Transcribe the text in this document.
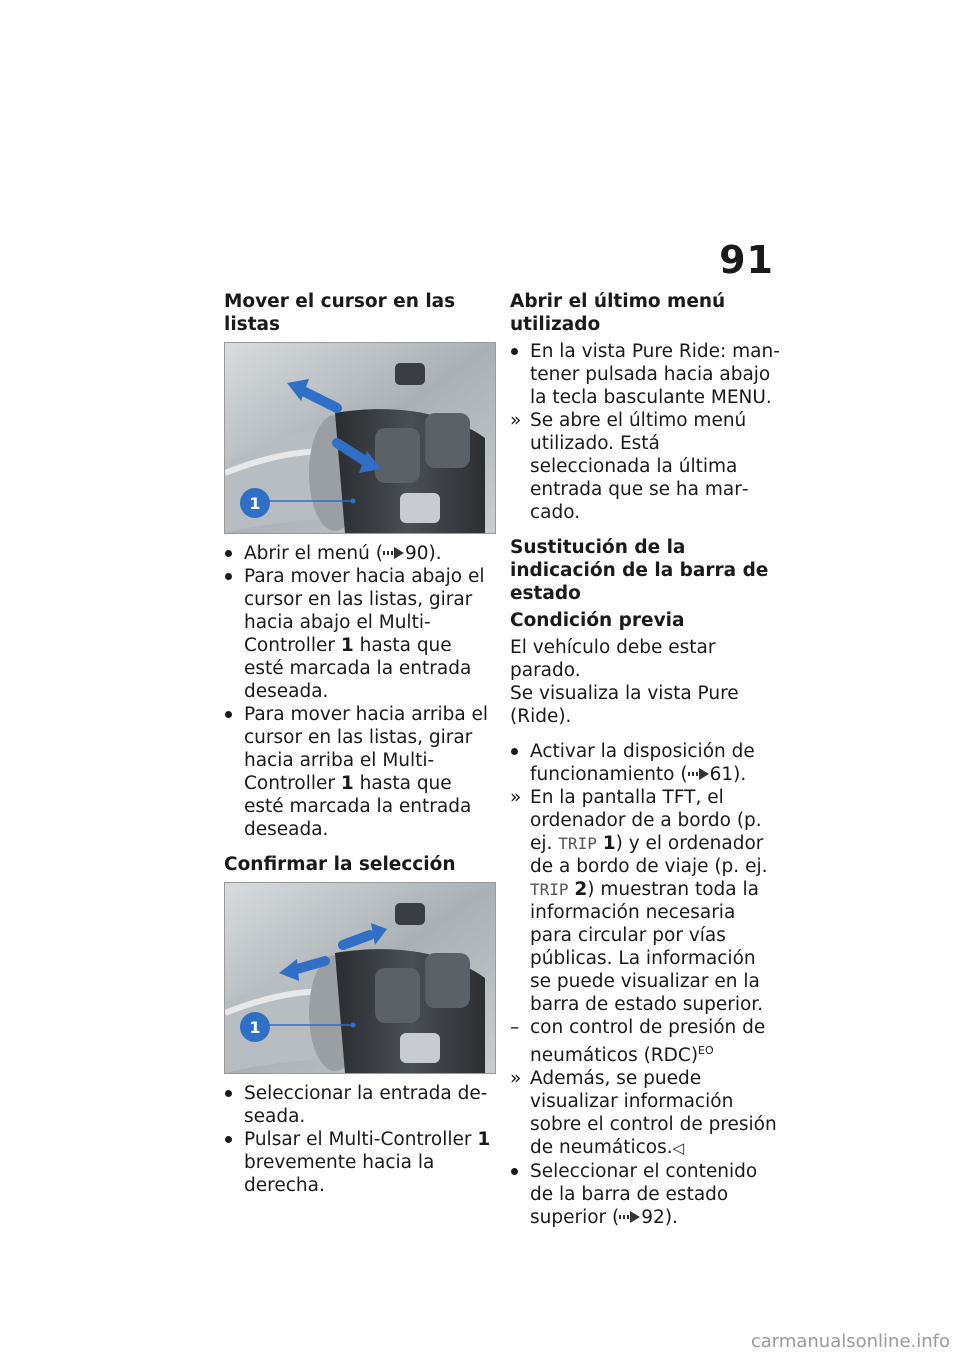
91
Mover el cursor en las listas
1
Abrir el menú ( 90).
Para mover hacia abajo el cursor en las listas, girar hacia abajo el Multi-Controller 1 hasta que esté marcada la entrada deseada.
Para mover hacia arriba el cursor en las listas, girar hacia arriba el Multi-Controller 1 hasta que esté marcada la entrada deseada.
Confirmar la selección
1
Seleccionar la entrada deseada.
Pulsar el Multi-Controller 1 brevemente hacia la derecha.
Abrir el último menú utilizado
En la vista Pure Ride: mantener pulsada hacia abajo la tecla basculante MENU.
» Se abre el último menú utilizado. Está seleccionada la última entrada que se ha marcado.
Sustitución de la indicación de la barra de estado
Condición previa
El vehículo debe estar parado.
Se visualiza la vista Pure (Ride).
Activar la disposición de funcionamiento ( 61).
» En la pantalla TFT, el ordenador de a bordo (p. ej. TRIP 1) y el ordenador de a bordo de viaje (p. ej. TRIP 2) muestran toda la información necesaria para circular por vías públicas. La información se puede visualizar en la barra de estado superior.
– con control de presión de neumáticos (RDC)$^{EO}$
» Además, se puede visualizar información sobre el control de presión de neumáticos.◁
Seleccionar el contenido de la barra de estado superior ( 92).
carmanualsonline.info
